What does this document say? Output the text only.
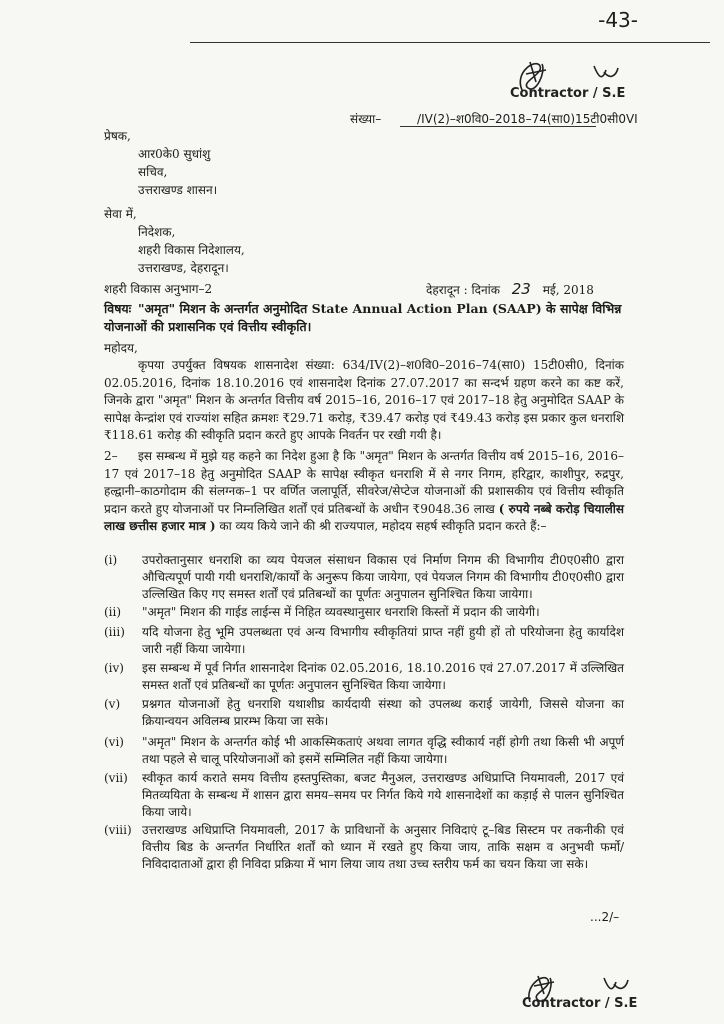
-43-
Contractor / S.E
संख्या–	/IV(2)–श0वि0–2018–74(सा0)15टी0सी0VI
प्रेषक,
आर0के0 सुधांशु
सचिव,
उत्तराखण्ड शासन।
सेवा में,
निदेशक,
शहरी विकास निदेशालय,
उत्तराखण्ड, देहरादून।
शहरी विकास अनुभाग–2	देहरादून : दिनांक 23 मई, 2018
विषयः "अमृत" मिशन के अन्तर्गत अनुमोदित State Annual Action Plan (SAAP) के सापेक्ष विभिन्न योजनाओं की प्रशासनिक एवं वित्तीय स्वीकृति।
महोदय,
कृपया उपर्युक्त विषयक शासनादेश संख्या: 634/IV(2)–श0वि0–2016–74(सा0) 15टी0सी0, दिनांक 02.05.2016, दिनांक 18.10.2016 एवं शासनादेश दिनांक 27.07.2017 का सन्दर्भ ग्रहण करने का कष्ट करें, जिनके द्वारा "अमृत" मिशन के अन्तर्गत वित्तीय वर्ष 2015–16, 2016–17 एवं 2017–18 हेतु अनुमोदित SAAP के सापेक्ष केन्द्रांश एवं राज्यांश सहित क्रमशः ₹29.71 करोड़, ₹39.47 करोड़ एवं ₹49.43 करोड़ इस प्रकार कुल धनराशि ₹118.61 करोड़ की स्वीकृति प्रदान करते हुए आपके निवर्तन पर रखी गयी है।
2– इस सम्बन्ध में मुझे यह कहने का निदेश हुआ है कि "अमृत" मिशन के अन्तर्गत वित्तीय वर्ष 2015–16, 2016–17 एवं 2017–18 हेतु अनुमोदित SAAP के सापेक्ष स्वीकृत धनराशि में से नगर निगम, हरिद्वार, काशीपुर, रुद्रपुर, हल्द्वानी–काठगोदाम की संलग्नक–1 पर वर्णित जलापूर्ति, सीवरेज/सेप्टेज योजनाओं की प्रशासकीय एवं वित्तीय स्वीकृति प्रदान करते हुए योजनाओं पर निम्नलिखित शर्तों एवं प्रतिबन्धों के अधीन ₹9048.36 लाख ( रुपये नब्बे करोड़ चियालीस लाख छत्तीस हजार मात्र ) का व्यय किये जाने की श्री राज्यपाल, महोदय सहर्ष स्वीकृति प्रदान करते हैं:–
(i)	उपरोक्तानुसार धनराशि का व्यय पेयजल संसाधन विकास एवं निर्माण निगम की विभागीय टी0ए0सी0 द्वारा औचित्यपूर्ण पायी गयी धनराशि/कार्यों के अनुरूप किया जायेगा, एवं पेयजल निगम की विभागीय टी0ए0सी0 द्वारा उल्लिखित किए गए समस्त शर्तों एवं प्रतिबन्धों का पूर्णतः अनुपालन सुनिश्चित किया जायेगा।
(ii)	"अमृत" मिशन की गाईड लाईन्स में निहित व्यवस्थानुसार धनराशि किस्तों में प्रदान की जायेगी।
(iii)	यदि योजना हेतु भूमि उपलब्धता एवं अन्य विभागीय स्वीकृतियां प्राप्त नहीं हुयी हों तो परियोजना हेतु कार्यादेश जारी नहीं किया जायेगा।
(iv)	इस सम्बन्ध में पूर्व निर्गत शासनादेश दिनांक 02.05.2016, 18.10.2016 एवं 27.07.2017 में उल्लिखित समस्त शर्तों एवं प्रतिबन्धों का पूर्णतः अनुपालन सुनिश्चित किया जायेगा।
(v)	प्रश्नगत योजनाओं हेतु धनराशि यथाशीघ्र कार्यदायी संस्था को उपलब्ध कराई जायेगी, जिससे योजना का क्रियान्वयन अविलम्ब प्रारम्भ किया जा सके।
(vi)	"अमृत" मिशन के अन्तर्गत कोई भी आकस्मिकताएं अथवा लागत वृद्धि स्वीकार्य नहीं होगी तथा किसी भी अपूर्ण तथा पहले से चालू परियोजनाओं को इसमें सम्मिलित नहीं किया जायेगा।
(vii)	स्वीकृत कार्य कराते समय वित्तीय हस्तपुस्तिका, बजट मैनुअल, उत्तराखण्ड अधिप्राप्ति नियमावली, 2017 एवं मितव्ययिता के सम्बन्ध में शासन द्वारा समय–समय पर निर्गत किये गये शासनादेशों का कड़ाई से पालन सुनिश्चित किया जाये।
(viii) उत्तराखण्ड अधिप्राप्ति नियमावली, 2017 के प्राविधानों के अनुसार निविदाएं टू–बिड सिस्टम पर तकनीकी एवं वित्तीय बिड के अन्तर्गत निर्धारित शर्तों को ध्यान में रखते हुए किया जाय, ताकि सक्षम व अनुभवी फर्मो/निविदादाताओं द्वारा ही निविदा प्रक्रिया में भाग लिया जाय तथा उच्च स्तरीय फर्म का चयन किया जा सके।
...2/–
Contractor / S.E
